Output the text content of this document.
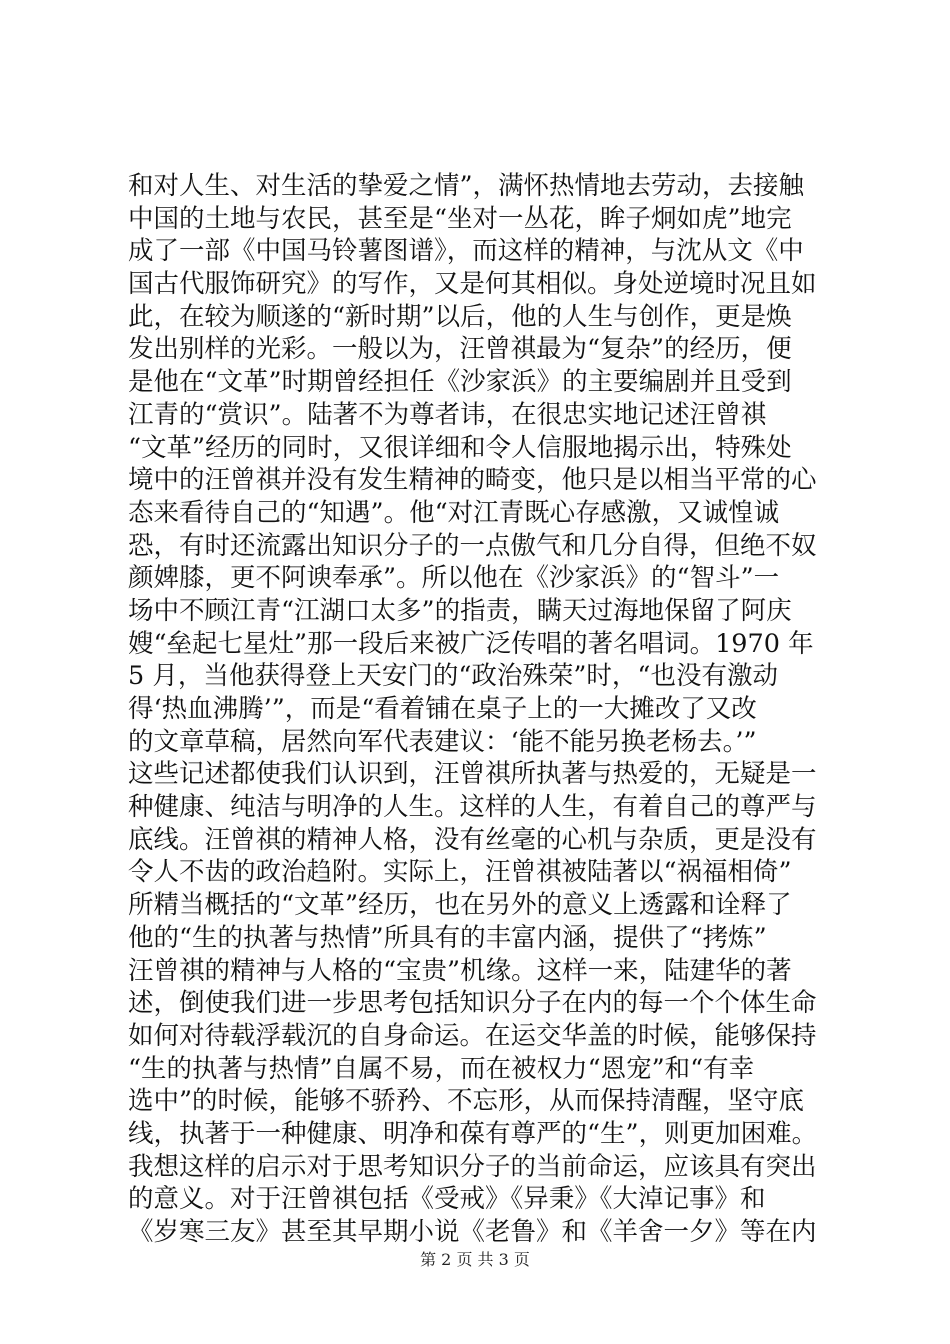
和对人生、对生活的挚爱之情”，满怀热情地去劳动，去接触
中国的土地与农民，甚至是“坐对一丛花，眸子炯如虎”地完
成了一部《中国马铃薯图谱》，而这样的精神，与沈从文《中
国古代服饰研究》的写作，又是何其相似。身处逆境时况且如
此，在较为顺遂的“新时期”以后，他的人生与创作，更是焕
发出别样的光彩。一般以为，汪曾祺最为“复杂”的经历，便
是他在“文革”时期曾经担任《沙家浜》的主要编剧并且受到
江青的“赏识”。陆著不为尊者讳，在很忠实地记述汪曾祺
“文革”经历的同时，又很详细和令人信服地揭示出，特殊处
境中的汪曾祺并没有发生精神的畸变，他只是以相当平常的心
态来看待自己的“知遇”。他“对江青既心存感激，又诚惶诚
恐，有时还流露出知识分子的一点傲气和几分自得，但绝不奴
颜婢膝，更不阿谀奉承”。所以他在《沙家浜》的“智斗”一
场中不顾江青“江湖口太多”的指责，瞒天过海地保留了阿庆
嫂“垒起七星灶”那一段后来被广泛传唱的著名唱词。1970 年
5 月，当他获得登上天安门的“政治殊荣”时，“也没有激动
得‘热血沸腾’”，而是“看着铺在桌子上的一大摊改了又改
的文章草稿，居然向军代表建议：‘能不能另换老杨去。’”
这些记述都使我们认识到，汪曾祺所执著与热爱的，无疑是一
种健康、纯洁与明净的人生。这样的人生，有着自己的尊严与
底线。汪曾祺的精神人格，没有丝毫的心机与杂质，更是没有
令人不齿的政治趋附。实际上，汪曾祺被陆著以“祸福相倚”
所精当概括的“文革”经历，也在另外的意义上透露和诠释了
他的“生的执著与热情”所具有的丰富内涵，提供了“拷炼”
汪曾祺的精神与人格的“宝贵”机缘。这样一来，陆建华的著
述，倒使我们进一步思考包括知识分子在内的每一个个体生命
如何对待载浮载沉的自身命运。在运交华盖的时候，能够保持
“生的执著与热情”自属不易，而在被权力“恩宠”和“有幸
选中”的时候，能够不骄矜、不忘形，从而保持清醒，坚守底
线，执著于一种健康、明净和葆有尊严的“生”，则更加困难。
我想这样的启示对于思考知识分子的当前命运，应该具有突出
的意义。对于汪曾祺包括《受戒》《异秉》《大淖记事》和
《岁寒三友》甚至其早期小说《老鲁》和《羊舍一夕》等在内
第 2 页 共 3 页
